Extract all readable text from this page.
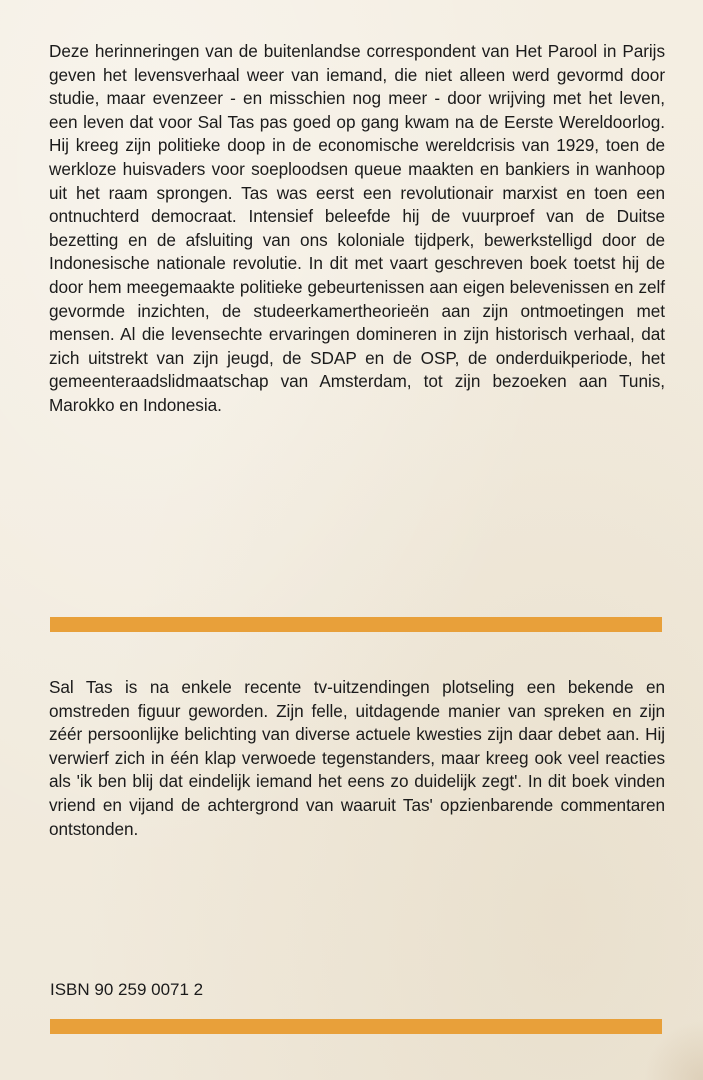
Deze herinneringen van de buitenlandse correspondent van Het Parool in Parijs geven het levensverhaal weer van iemand, die niet alleen werd gevormd door studie, maar evenzeer - en misschien nog meer - door wrijving met het leven, een leven dat voor Sal Tas pas goed op gang kwam na de Eerste Wereldoorlog. Hij kreeg zijn politieke doop in de economische wereldcrisis van 1929, toen de werkloze huisvaders voor soeploodsen queue maakten en bankiers in wanhoop uit het raam sprongen. Tas was eerst een revolutionair marxist en toen een ontnuchterd democraat. Intensief beleefde hij de vuurproef van de Duitse bezetting en de afsluiting van ons koloniale tijdperk, bewerkstelligd door de Indonesische nationale revolutie. In dit met vaart geschreven boek toetst hij de door hem meegemaakte politieke gebeurtenissen aan eigen belevenissen en zelf gevormde inzichten, de studeerkamertheorieën aan zijn ontmoetingen met mensen. Al die levensechte ervaringen domineren in zijn historisch verhaal, dat zich uitstrekt van zijn jeugd, de SDAP en de OSP, de onderduikperiode, het gemeenteraadslidmaatschap van Amsterdam, tot zijn bezoeken aan Tunis, Marokko en Indonesia.

Sal Tas is na enkele recente tv-uitzendingen plotseling een bekende en omstreden figuur geworden. Zijn felle, uitdagende manier van spreken en zijn zéér persoonlijke belichting van diverse actuele kwesties zijn daar debet aan. Hij verwierf zich in één klap verwoede tegenstanders, maar kreeg ook veel reacties als 'ik ben blij dat eindelijk iemand het eens zo duidelijk zegt'. In dit boek vinden vriend en vijand de achtergrond van waaruit Tas' opzienbarende commentaren ontstonden.

ISBN 90 259 0071 2
